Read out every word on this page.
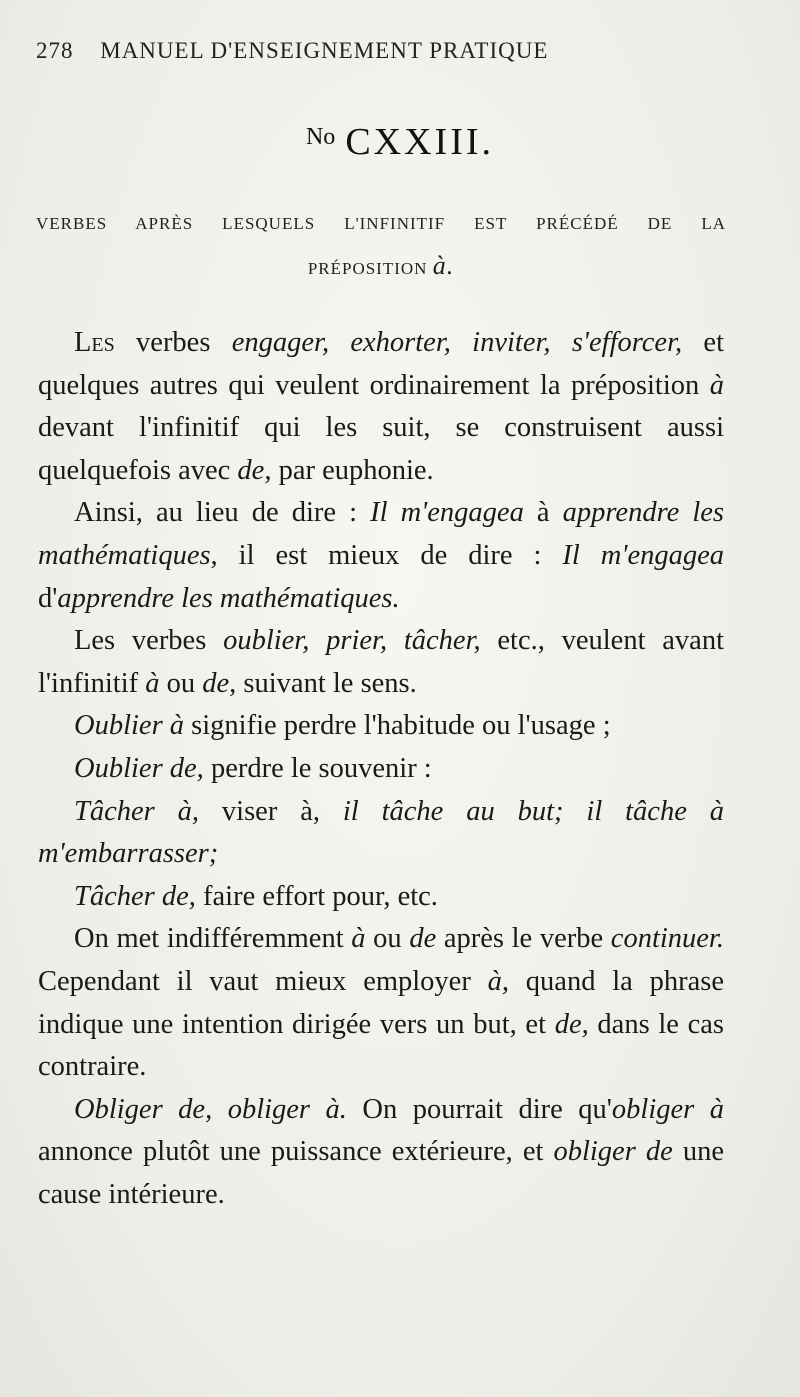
278 MANUEL D'ENSEIGNEMENT PRATIQUE
$^{No}$ CXXIII.
VERBES APRÈS LESQUELS L'INFINITIF EST PRÉCÉDÉ DE LA
PRÉPOSITION à.

Les verbes engager, exhorter, inviter, s'efforcer, et quelques autres qui veulent ordinairement la préposition à devant l'infinitif qui les suit, se construisent aussi quelquefois avec de, par euphonie.

Ainsi, au lieu de dire : Il m'engagea à apprendre les mathématiques, il est mieux de dire : Il m'engagea d'apprendre les mathématiques.

Les verbes oublier, prier, tâcher, etc., veulent avant l'infinitif à ou de, suivant le sens.

Oublier à signifie perdre l'habitude ou l'usage ;

Oublier de, perdre le souvenir :

Tâcher à, viser à, il tâche au but; il tâche à m'embarrasser;

Tâcher de, faire effort pour, etc.

On met indifféremment à ou de après le verbe continuer. Cependant il vaut mieux employer à, quand la phrase indique une intention dirigée vers un but, et de, dans le cas contraire.

Obliger de, obliger à. On pourrait dire qu'obliger à annonce plutôt une puissance extérieure, et obliger de une cause intérieure.
